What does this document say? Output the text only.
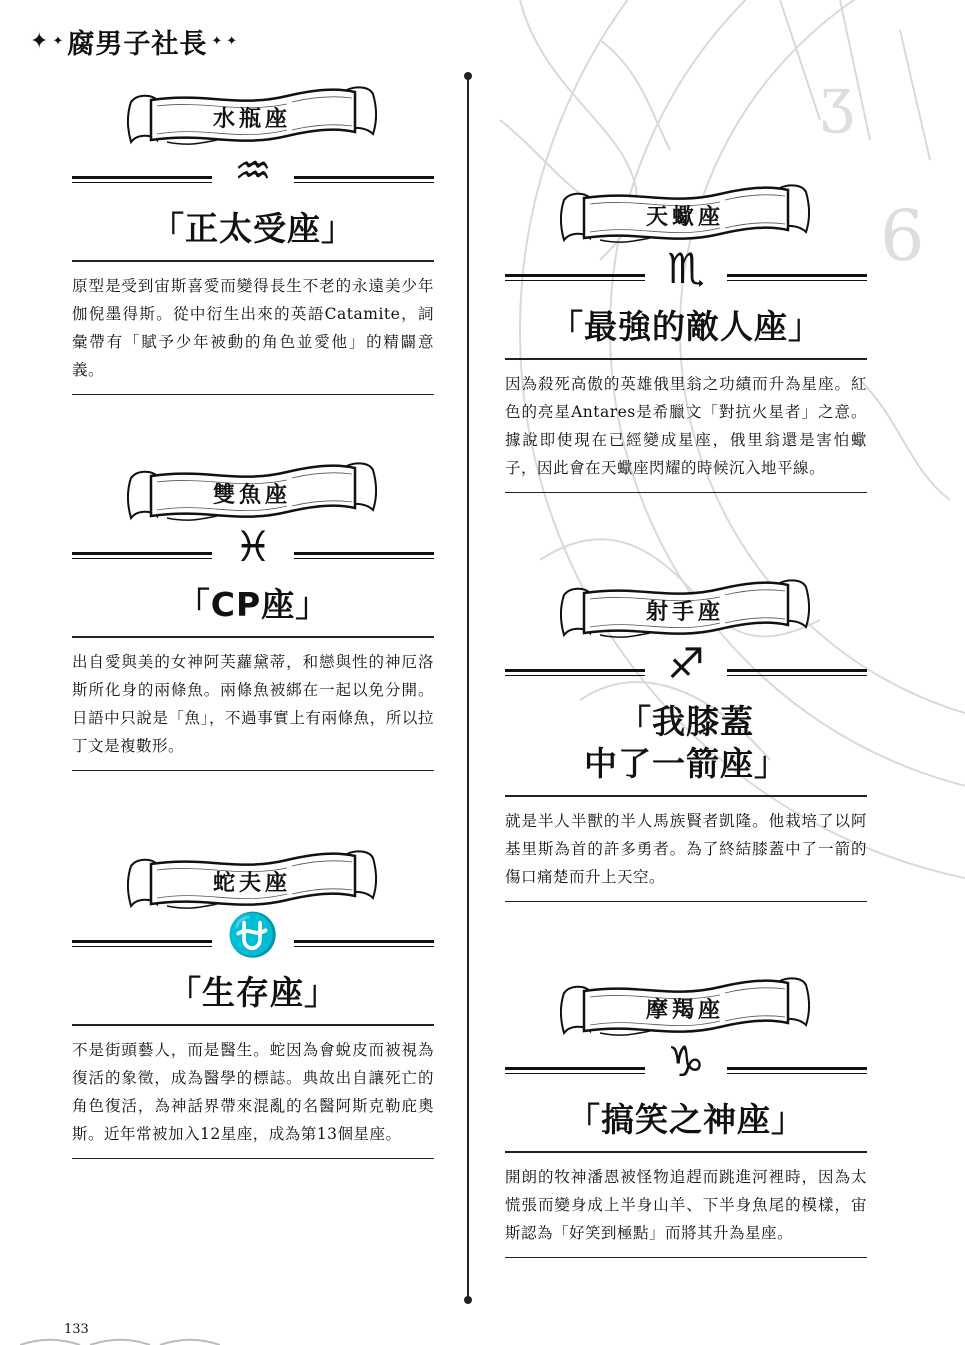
6
ʒ
✦ ✦ 腐男子社長 ✦ ✦
水瓶座
♒
「正太受座」

原型是受到宙斯喜愛而變得長生不老的永遠美少年伽倪墨得斯。從中衍生出來的英語Catamite，詞彙帶有「賦予少年被動的角色並愛他」的精闢意義。

雙魚座
♓
「CP座」

出自愛與美的女神阿芙蘿黛蒂，和戀與性的神厄洛斯所化身的兩條魚。兩條魚被綁在一起以免分開。日語中只說是「魚」，不過事實上有兩條魚，所以拉丁文是複數形。

蛇夫座
⛎
「生存座」

不是街頭藝人，而是醫生。蛇因為會蛻皮而被視為復活的象徵，成為醫學的標誌。典故出自讓死亡的角色復活，為神話界帶來混亂的名醫阿斯克勒庇奧斯。近年常被加入12星座，成為第13個星座。

天蠍座
♏
「最強的敵人座」

因為殺死高傲的英雄俄里翁之功績而升為星座。紅色的亮星Antares是希臘文「對抗火星者」之意。據說即使現在已經變成星座，俄里翁還是害怕蠍子，因此會在天蠍座閃耀的時候沉入地平線。

射手座
♐
「我膝蓋
中了一箭座」

就是半人半獸的半人馬族賢者凱隆。他栽培了以阿基里斯為首的許多勇者。為了終結膝蓋中了一箭的傷口痛楚而升上天空。

摩羯座
♑
「搞笑之神座」

開朗的牧神潘恩被怪物追趕而跳進河裡時，因為太慌張而變身成上半身山羊、下半身魚尾的模樣，宙斯認為「好笑到極點」而將其升為星座。

133
